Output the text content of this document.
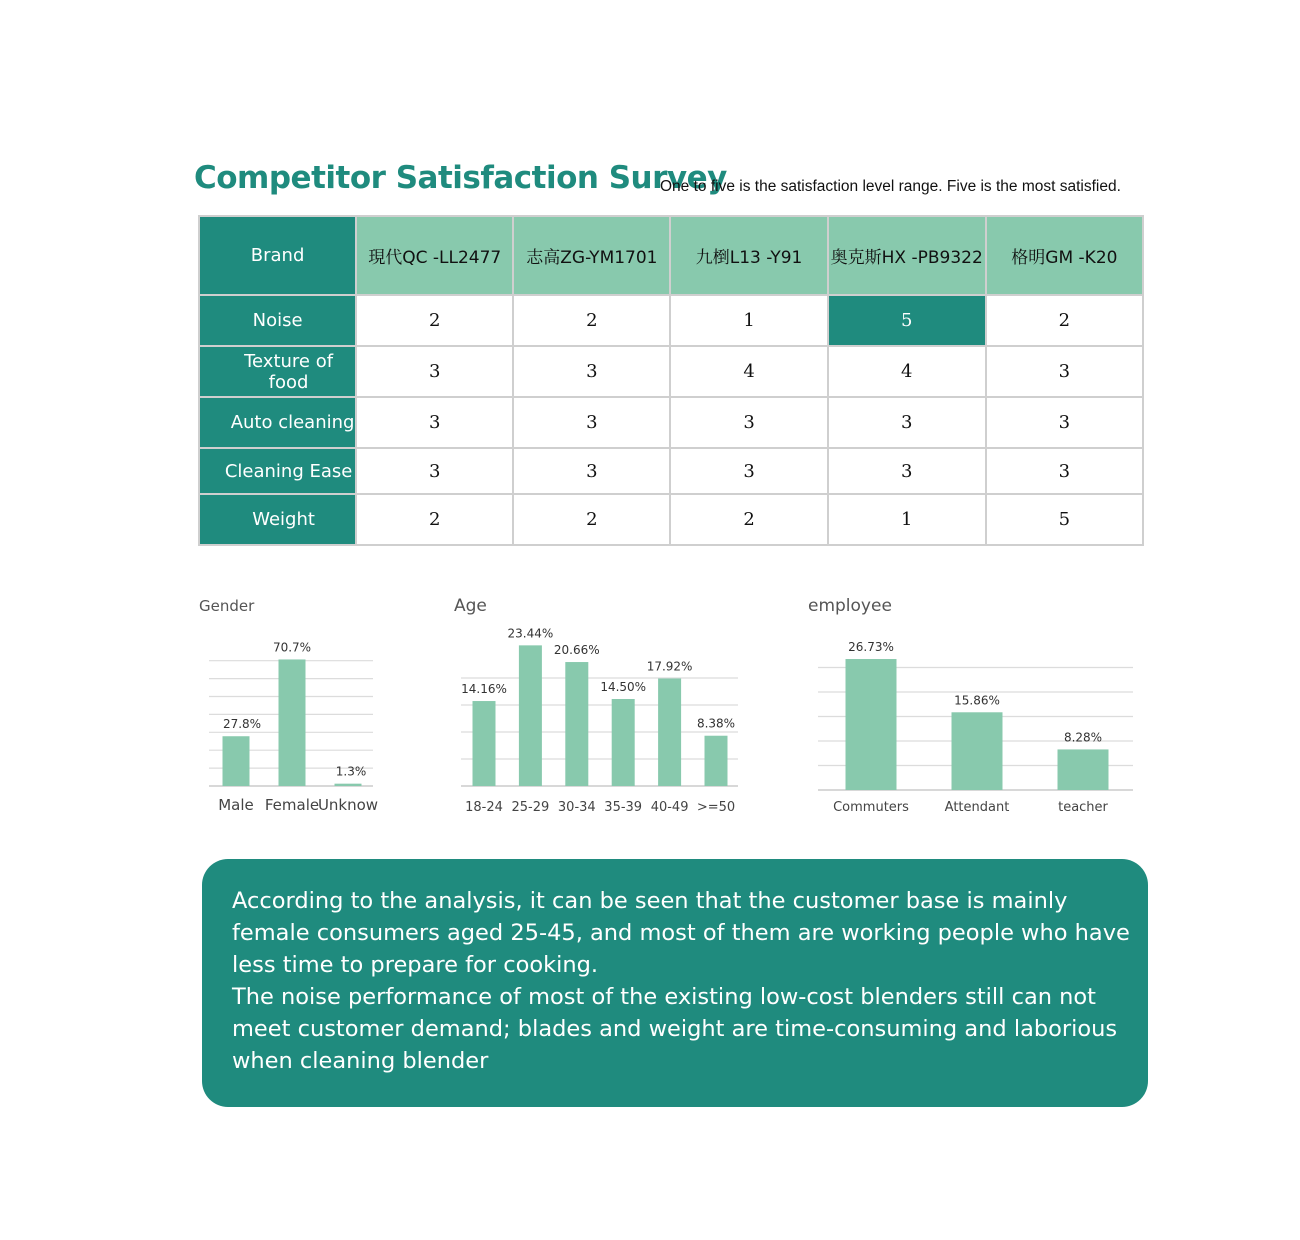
Competitor Satisfaction Survey
One to five is the satisfaction level range. Five is the most satisfied.
Brand	現代QC -LL2477	志高ZG-YM1701	九椡L13 -Y91	奥克斯HX -PB9322	格明GM -K20
Noise	2	2	1	5	2
Texture of food	3	3	4	4	3
Auto cleaning	3	3	3	3	3
Cleaning Ease	3	3	3	3	3
Weight	2	2	2	1	5
Gender
27.8%
Male
70.7%
Female
1.3%
Unknow
Age
14.16%
18-24
23.44%
25-29
20.66%
30-34
14.50%
35-39
17.92%
40-49
8.38%
>=50
employee
26.73%
Commuters
15.86%
Attendant
8.28%
teacher

According to the analysis, it can be seen that the customer base is mainly female consumers aged 25-45, and most of them are working people who have less time to prepare for cooking.

The noise performance of most of the existing low-cost blenders still can not meet customer demand; blades and weight are time-consuming and laborious when cleaning blender
